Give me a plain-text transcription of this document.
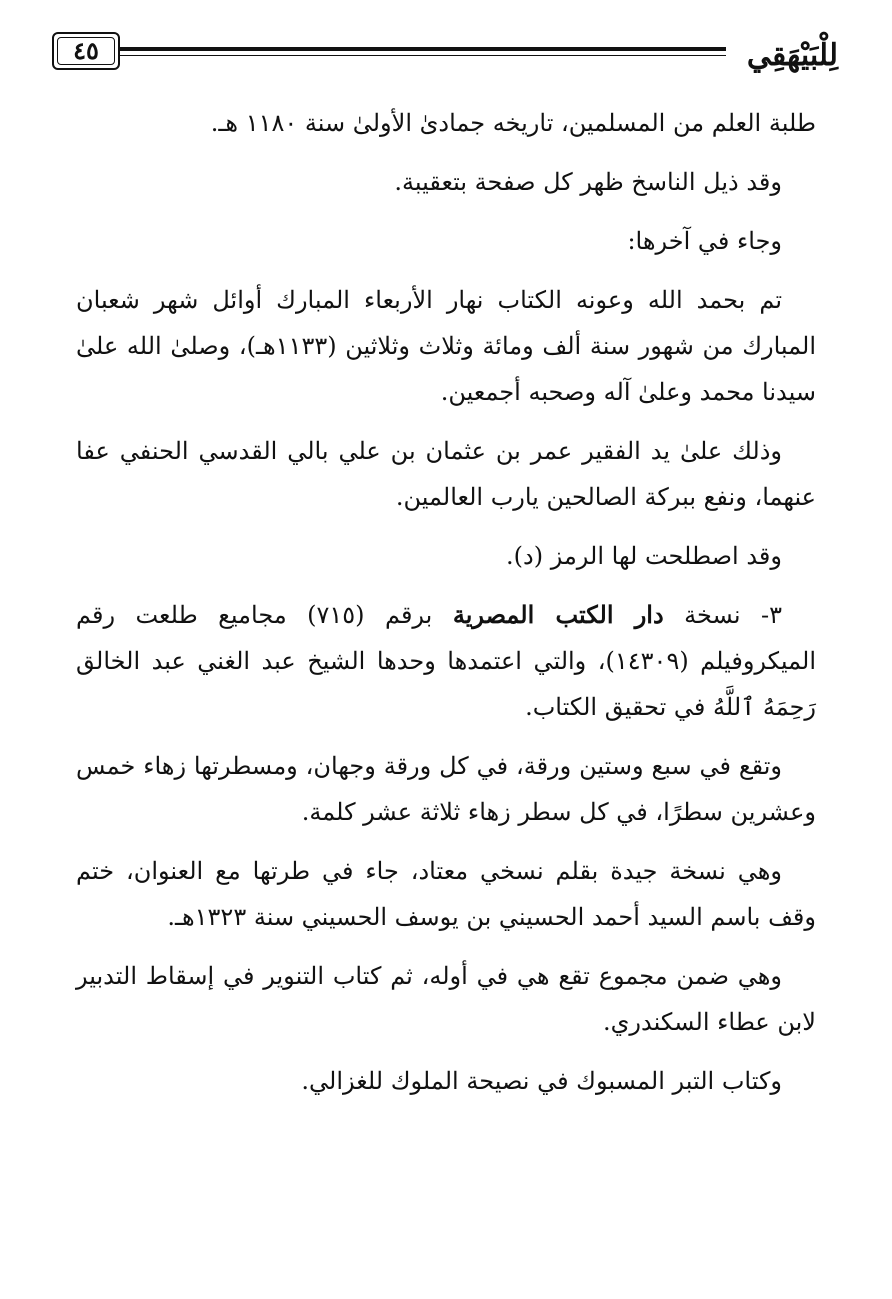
لِلْبَيْهَقِي
٤٥

طلبة العلم من المسلمين، تاريخه جمادىٰ الأولىٰ سنة ١١٨٠ هـ.

وقد ذيل الناسخ ظهر كل صفحة بتعقيبة.

وجاء في آخرها:

تم بحمد الله وعونه الكتاب نهار الأربعاء المبارك أوائل شهر شعبان المبارك من شهور سنة ألف ومائة وثلاث وثلاثين (١١٣٣هـ)، وصلىٰ الله علىٰ سيدنا محمد وعلىٰ آله وصحبه أجمعين.

وذلك علىٰ يد الفقير عمر بن عثمان بن علي بالي القدسي الحنفي عفا عنهما، ونفع ببركة الصالحين يارب العالمين.

وقد اصطلحت لها الرمز (د).

٣- نسخة دار الكتب المصرية برقم (٧١٥) مجاميع طلعت رقم الميكروفيلم (١٤٣٠٩)، والتي اعتمدها وحدها الشيخ عبد الغني عبد الخالق رَحِمَهُ ٱللَّهُ في تحقيق الكتاب.

وتقع في سبع وستين ورقة، في كل ورقة وجهان، ومسطرتها زهاء خمس وعشرين سطرًا، في كل سطر زهاء ثلاثة عشر كلمة.

وهي نسخة جيدة بقلم نسخي معتاد، جاء في طرتها مع العنوان، ختم وقف باسم السيد أحمد الحسيني بن يوسف الحسيني سنة ١٣٢٣هـ.

وهي ضمن مجموع تقع هي في أوله، ثم كتاب التنوير في إسقاط التدبير لابن عطاء السكندري.

وكتاب التبر المسبوك في نصيحة الملوك للغزالي.
